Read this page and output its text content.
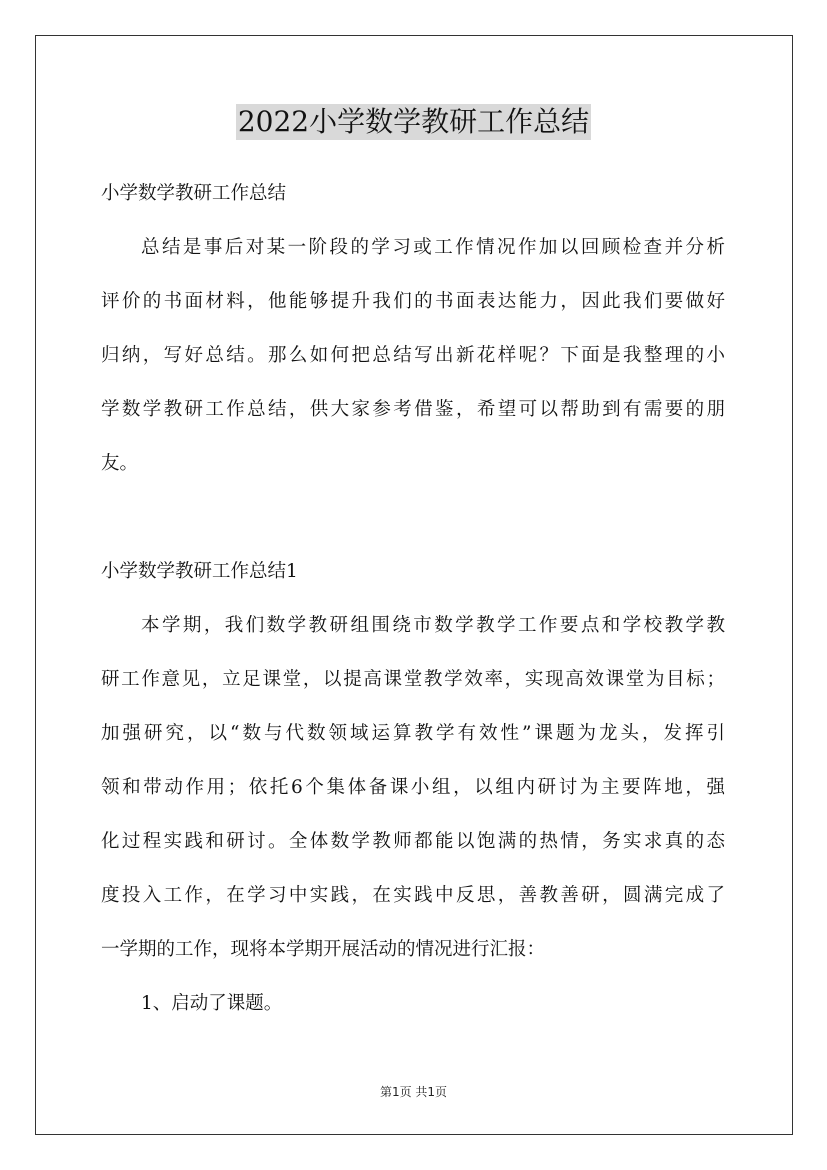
2022小学数学教研工作总结
小学数学教研工作总结
总结是事后对某一阶段的学习或工作情况作加以回顾检查并分析
评价的书面材料，他能够提升我们的书面表达能力，因此我们要做好
归纳，写好总结。那么如何把总结写出新花样呢？下面是我整理的小
学数学教研工作总结，供大家参考借鉴，希望可以帮助到有需要的朋
友。
小学数学教研工作总结1
本学期，我们数学教研组围绕市数学教学工作要点和学校教学教
研工作意见，立足课堂，以提高课堂教学效率，实现高效课堂为目标；
加强研究，以“数与代数领域运算教学有效性”课题为龙头，发挥引
领和带动作用；依托6个集体备课小组，以组内研讨为主要阵地，强
化过程实践和研讨。全体数学教师都能以饱满的热情，务实求真的态
度投入工作，在学习中实践，在实践中反思，善教善研，圆满完成了
一学期的工作，现将本学期开展活动的情况进行汇报：
1、启动了课题。
第1页 共1页
